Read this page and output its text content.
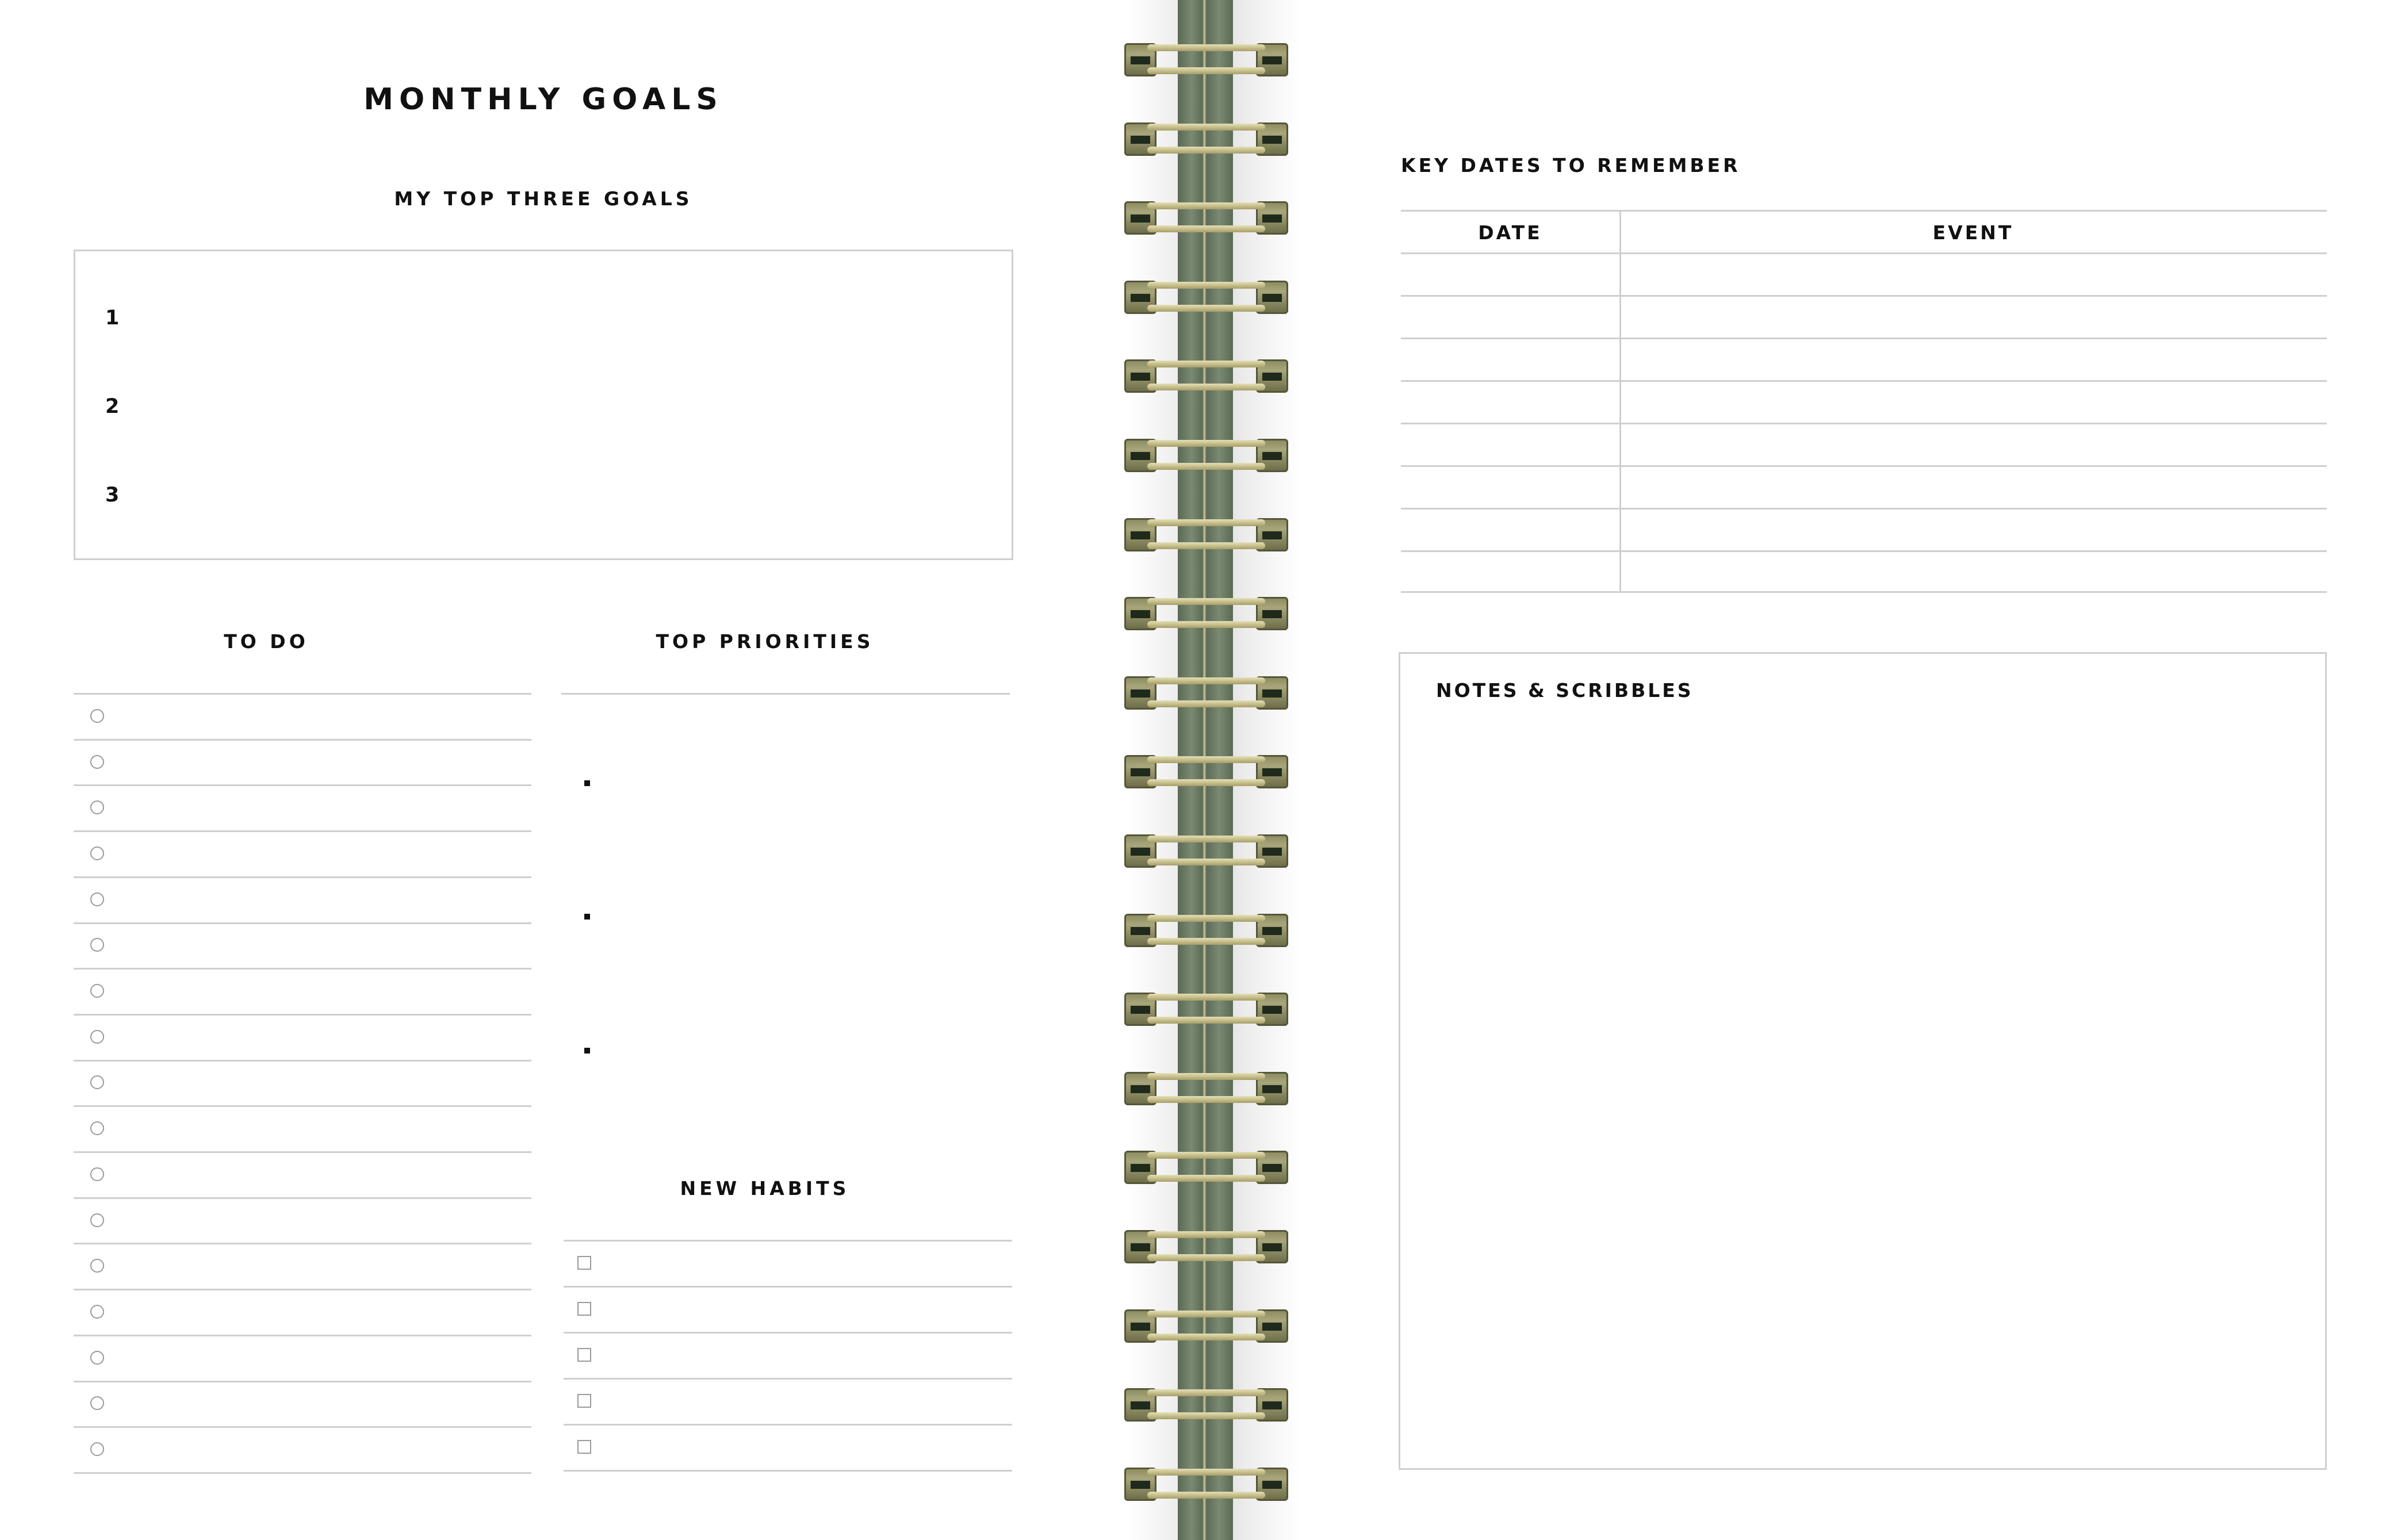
MONTHLY GOALS
MY TOP THREE GOALS
1
2
3
TO DO	TOP PRIORITIES
NEW HABITS
KEY DATES TO REMEMBER
DATE	EVENT
NOTES & SCRIBBLES
